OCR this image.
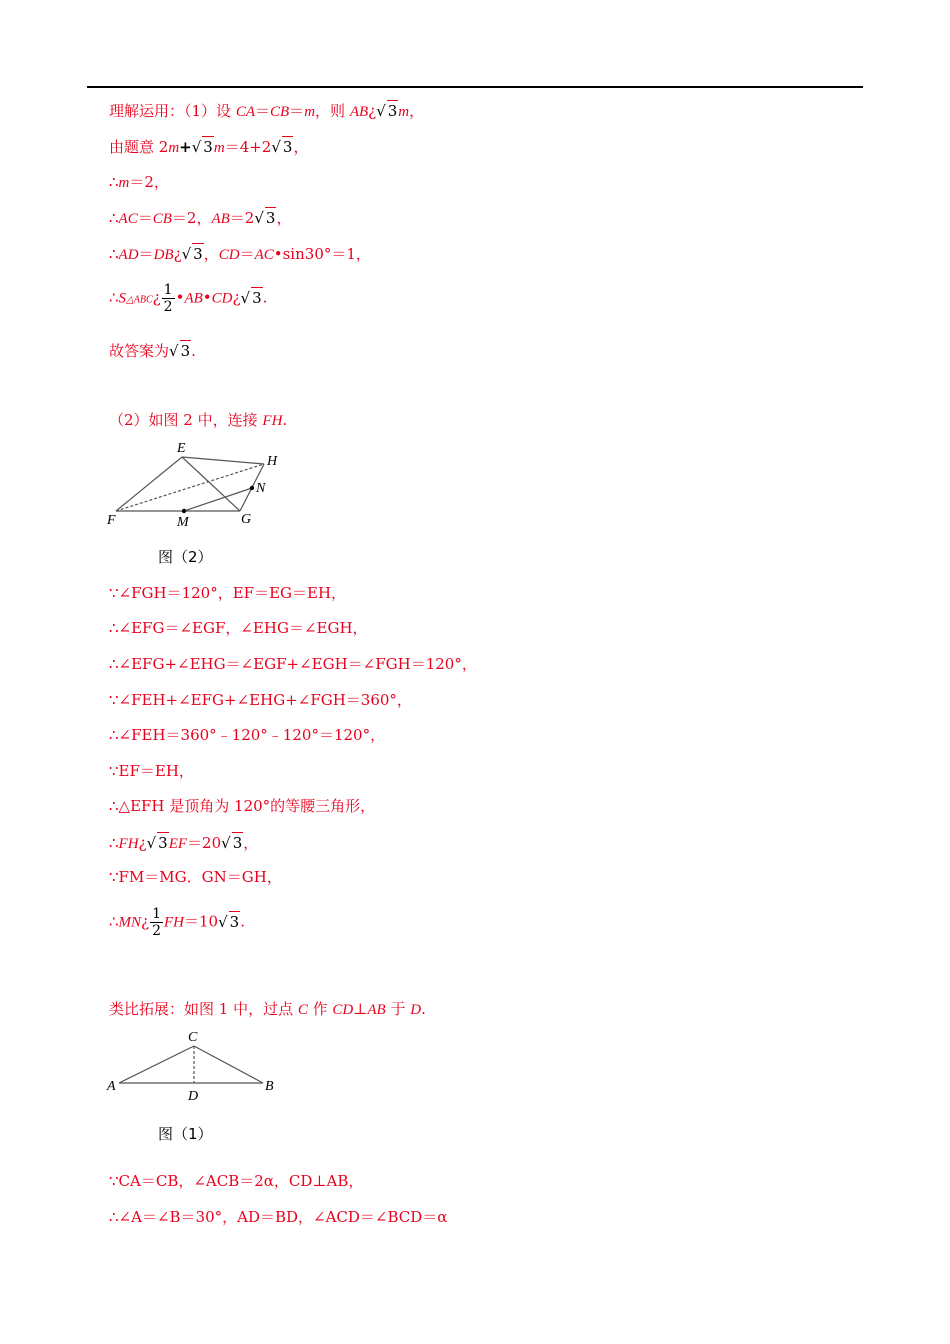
理解运用：（1）设 CA＝CB＝m，则 AB¿√ 3m，
由题意 2m+√ 3m＝4+2√ 3，
∴m＝2，
∴AC＝CB＝2，AB＝2√ 3，
∴AD＝DB¿√ 3，CD＝AC•sin30°＝1，
∴S△ABC¿ $\frac{1}{2}$ •AB•CD¿√ 3.
故答案为√ 3.
（2）如图 2 中，连接 FH.
E
H
N
F	M	G
图（2）
∵∠FGH＝120°，EF＝EG＝EH，
∴∠EFG＝∠EGF，∠EHG＝∠EGH，
∴∠EFG+∠EHG＝∠EGF+∠EGH＝∠FGH＝120°，
∵∠FEH+∠EFG+∠EHG+∠FGH＝360°，
∴∠FEH＝360°﹣120°﹣120°＝120°，
∵EF＝EH，
∴△EFH 是顶角为 120°的等腰三角形，
∴FH¿√ 3EF＝20√ 3，
∵FM＝MG．GN＝GH，
∴MN¿ $\frac{1}{2} FH=10√$ 3.
类比拓展：如图 1 中，过点 C 作 CD⊥AB 于 D.
C
A
D
B
图（1）
∵CA＝CB，∠ACB＝2α，CD⊥AB，
∴∠A＝∠B＝30°，AD＝BD，∠ACD＝∠BCD＝α
